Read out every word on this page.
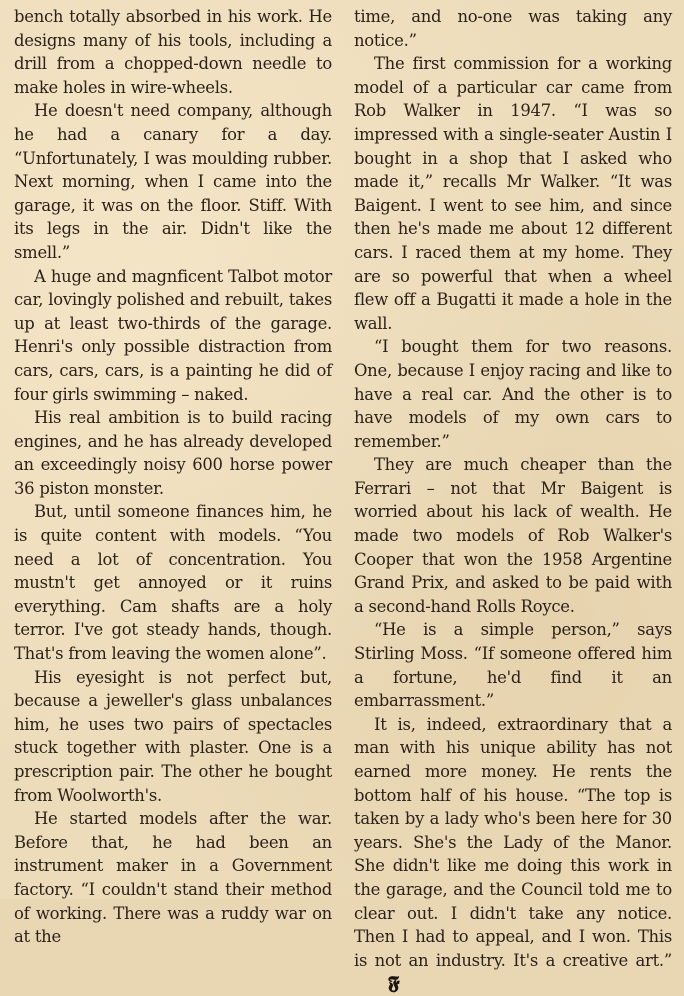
bench totally absorbed in his work. He designs many of his tools, including a drill from a chopped-down needle to make holes in wire-wheels.

He doesn't need company, although he had a canary for a day. “Unfortunately, I was moulding rubber. Next morning, when I came into the garage, it was on the floor. Stiff. With its legs in the air. Didn't like the smell.”

A huge and magnficent Talbot motor car, lovingly polished and rebuilt, takes up at least two-thirds of the garage. Henri's only possible distraction from cars, cars, cars, is a painting he did of four girls swimming – naked.

His real ambition is to build racing engines, and he has already developed an exceedingly noisy 600 horse power 36 piston monster.

But, until someone finances him, he is quite content with models. “You need a lot of concentration. You mustn't get annoyed or it ruins everything. Cam shafts are a holy terror. I've got steady hands, though. That's from leaving the women alone”.

His eyesight is not perfect but, because a jeweller's glass unbalances him, he uses two pairs of spectacles stuck together with plaster. One is a prescription pair. The other he bought from Woolworth's.

He started models after the war. Before that, he had been an instrument maker in a Government factory. “I couldn't stand their method of working. There was a ruddy war on at the

time, and no-one was taking any notice.”

The first commission for a working model of a particular car came from Rob Walker in 1947. “I was so impressed with a single-seater Austin I bought in a shop that I asked who made it,” recalls Mr Walker. “It was Baigent. I went to see him, and since then he's made me about 12 different cars. I raced them at my home. They are so powerful that when a wheel flew off a Bugatti it made a hole in the wall.

“I bought them for two reasons. One, because I enjoy racing and like to have a real car. And the other is to have models of my own cars to remember.”

They are much cheaper than the Ferrari – not that Mr Baigent is worried about his lack of wealth. He made two models of Rob Walker's Cooper that won the 1958 Argentine Grand Prix, and asked to be paid with a second-hand Rolls Royce.

“He is a simple person,” says Stirling Moss. “If someone offered him a fortune, he'd find it an embarrassment.”

It is, indeed, extraordinary that a man with his unique ability has not earned more money. He rents the bottom half of his house. “The top is taken by a lady who's been here for 30 years. She's the Lady of the Manor. She didn't like me doing this work in the garage, and the Council told me to clear out. I didn't take any notice. Then I had to appeal, and I won. This is not an industry. It's a creative art.”𝕱
